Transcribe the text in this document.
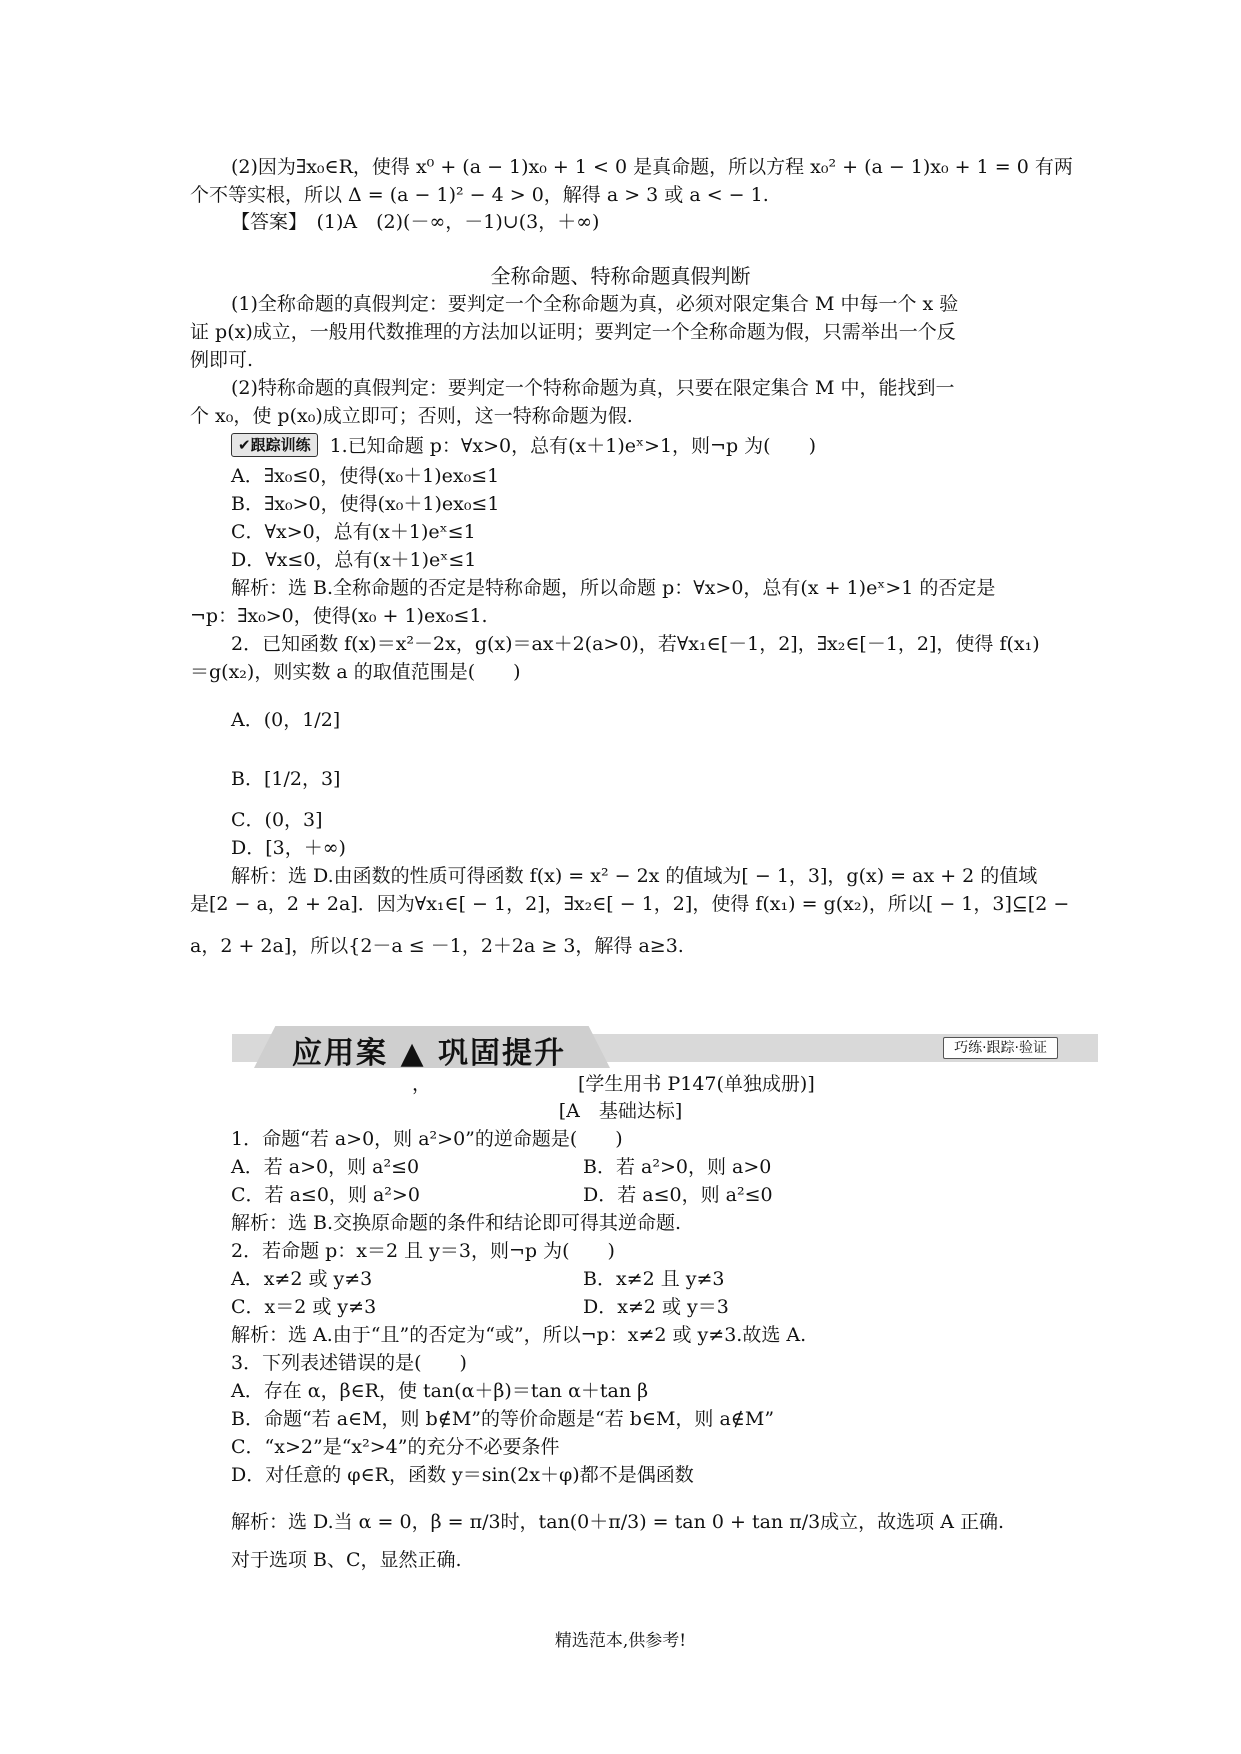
(2)因为∃x₀∈R，使得 x⁰ + (a − 1)x₀ + 1 < 0 是真命题，所以方程 x₀² + (a − 1)x₀ + 1 = 0 有两
个不等实根，所以 Δ = (a − 1)² − 4 > 0，解得 a > 3 或 a < − 1.
【答案】　(1)A　(2)(－∞，－1)∪(3，＋∞)
全称命题、特称命题真假判断
(1)全称命题的真假判定：要判定一个全称命题为真，必须对限定集合 M 中每一个 x 验
证 p(x)成立，一般用代数推理的方法加以证明；要判定一个全称命题为假，只需举出一个反
例即可.
(2)特称命题的真假判定：要判定一个特称命题为真，只要在限定集合 M 中，能找到一
个 x₀，使 p(x₀)成立即可；否则，这一特称命题为假.
✔跟踪训练 1.已知命题 p：∀x>0，总有(x＋1)eˣ>1，则¬p 为(　　)
A．∃x₀≤0，使得(x₀＋1)ex₀≤1
B．∃x₀>0，使得(x₀＋1)ex₀≤1
C．∀x>0，总有(x＋1)eˣ≤1
D．∀x≤0，总有(x＋1)eˣ≤1
解析：选 B.全称命题的否定是特称命题，所以命题 p：∀x>0，总有(x + 1)eˣ>1 的否定是
¬p：∃x₀>0，使得(x₀ + 1)ex₀≤1.
2．已知函数 f(x)＝x²－2x，g(x)＝ax＋2(a>0)，若∀x₁∈[－1，2]，∃x₂∈[－1，2]，使得 f(x₁)
＝g(x₂)，则实数 a 的取值范围是(　　)
A．(0，1/2]
B．[1/2，3]
C．(0，3]
D．[3，＋∞)
解析：选 D.由函数的性质可得函数 f(x) = x² − 2x 的值域为[ − 1，3]，g(x) = ax + 2 的值域
是[2 − a，2 + 2a]．因为∀x₁∈[ − 1，2]，∃x₂∈[ − 1，2]，使得 f(x₁) = g(x₂)，所以[ − 1，3]⊆[2 −
a，2 + 2a]，所以{2－a ≤ －1，2＋2a ≥ 3，解得 a≥3.
应用案 ▲ 巩固提升	巧练·跟踪·验证
，	[学生用书 P147(单独成册)]
[A　基础达标]
1．命题“若 a>0，则 a²>0”的逆命题是(　　)
A．若 a>0，则 a²≤0	B．若 a²>0，则 a>0
C．若 a≤0，则 a²>0	D．若 a≤0，则 a²≤0
解析：选 B.交换原命题的条件和结论即可得其逆命题.
2．若命题 p：x＝2 且 y＝3，则¬p 为(　　)
A．x≠2 或 y≠3	B．x≠2 且 y≠3
C．x＝2 或 y≠3	D．x≠2 或 y＝3
解析：选 A.由于“且”的否定为“或”，所以¬p：x≠2 或 y≠3.故选 A.
3．下列表述错误的是(　　)
A．存在 α，β∈R，使 tan(α＋β)＝tan α＋tan β
B．命题“若 a∈M，则 b∉M”的等价命题是“若 b∈M，则 a∉M”
C．“x>2”是“x²>4”的充分不必要条件
D．对任意的 φ∈R，函数 y＝sin(2x＋φ)都不是偶函数
解析：选 D.当 α = 0，β = π/3时，tan(0＋π/3) = tan 0 + tan π/3成立，故选项 A 正确.
对于选项 B、C，显然正确.
精选范本,供参考!
